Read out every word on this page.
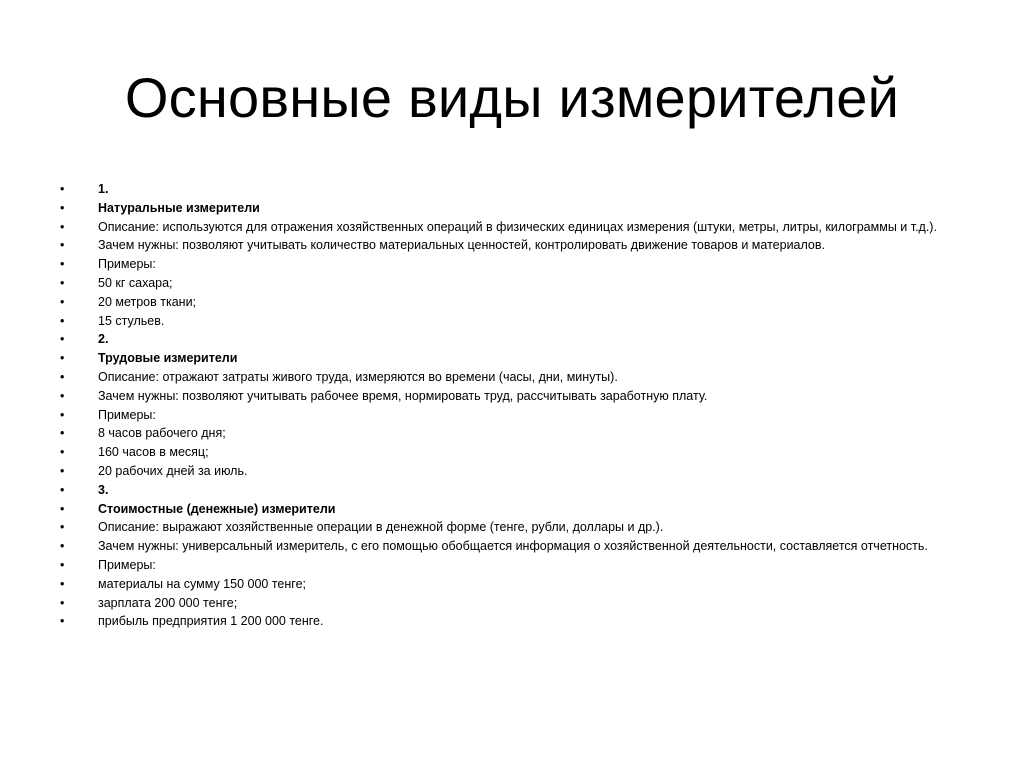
Основные виды измерителей
•	1.
•	Натуральные измерители
•	Описание: используются для отражения хозяйственных операций в физических единицах измерения (штуки, метры, литры, килограммы и т.д.).
•	Зачем нужны: позволяют учитывать количество материальных ценностей, контролировать движение товаров и материалов.
•	Примеры:
•	50 кг сахара;
•	20 метров ткани;
•	15 стульев.
•	2.
•	Трудовые измерители
•	Описание: отражают затраты живого труда, измеряются во времени (часы, дни, минуты).
•	Зачем нужны: позволяют учитывать рабочее время, нормировать труд, рассчитывать заработную плату.
•	Примеры:
•	8 часов рабочего дня;
•	160 часов в месяц;
•	20 рабочих дней за июль.
•	3.
•	Стоимостные (денежные) измерители
•	Описание: выражают хозяйственные операции в денежной форме (тенге, рубли, доллары и др.).
•	Зачем нужны: универсальный измеритель, с его помощью обобщается информация о хозяйственной деятельности, составляется отчетность.
•	Примеры:
•	материалы на сумму 150 000 тенге;
•	зарплата 200 000 тенге;
•	прибыль предприятия 1 200 000 тенге.
